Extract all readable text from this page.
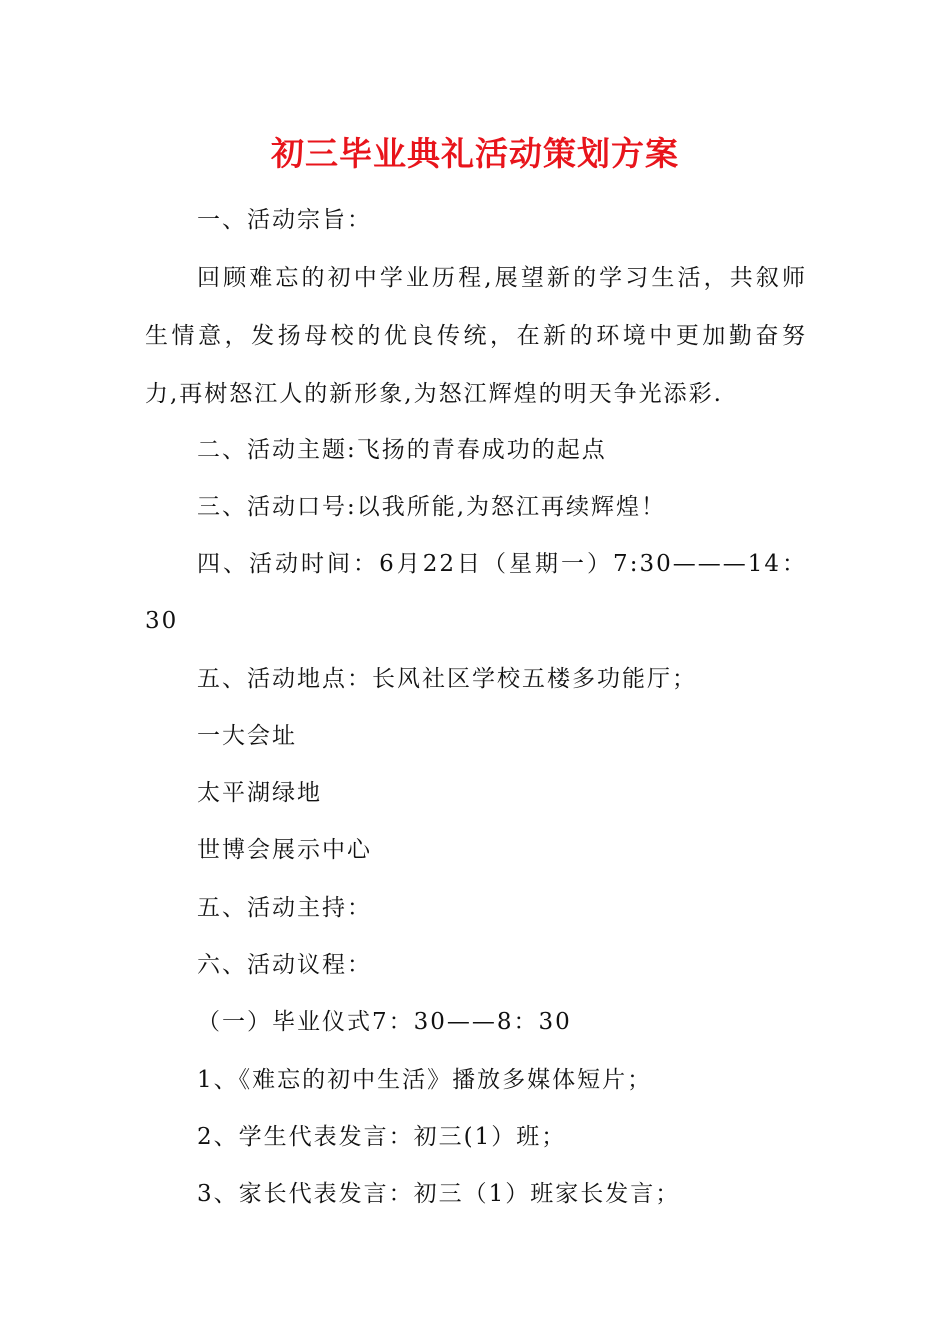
初三毕业典礼活动策划方案
一、活动宗旨：
回顾难忘的初中学业历程,展望新的学习生活，共叙师
生情意，发扬母校的优良传统，在新的环境中更加勤奋努
力,再树怒江人的新形象,为怒江辉煌的明天争光添彩.
二、活动主题:飞扬的青春成功的起点
三、活动口号:以我所能,为怒江再续辉煌！
四、活动时间：6月22日（星期一）7:30———14：
30
五、活动地点：长风社区学校五楼多功能厅；
一大会址
太平湖绿地
世博会展示中心
五、活动主持：
六、活动议程：
（一）毕业仪式7：30——8：30
1、《难忘的初中生活》播放多媒体短片；
2、学生代表发言：初三(1）班；
3、家长代表发言：初三（1）班家长发言；
